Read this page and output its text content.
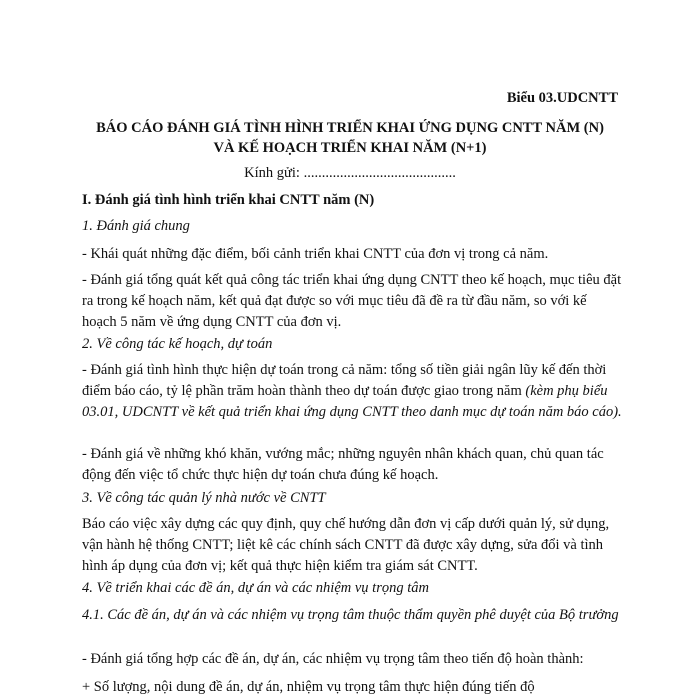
Biểu 03.UDCNTT
BÁO CÁO ĐÁNH GIÁ TÌNH HÌNH TRIỂN KHAI ỨNG DỤNG CNTT NĂM (N)
VÀ KẾ HOẠCH TRIỂN KHAI NĂM (N+1)
Kính gửi: ..........................................
I. Đánh giá tình hình triển khai CNTT năm (N)
1. Đánh giá chung
- Khái quát những đặc điểm, bối cảnh triển khai CNTT của đơn vị trong cả năm.
- Đánh giá tổng quát kết quả công tác triển khai ứng dụng CNTT theo kế hoạch, mục tiêu đặt ra trong kế hoạch năm, kết quả đạt được so với mục tiêu đã đề ra từ đầu năm, so với kế hoạch 5 năm về ứng dụng CNTT của đơn vị.
2. Về công tác kế hoạch, dự toán
- Đánh giá tình hình thực hiện dự toán trong cả năm: tổng số tiền giải ngân lũy kế đến thời điểm báo cáo, tỷ lệ phần trăm hoàn thành theo dự toán được giao trong năm (kèm phụ biểu 03.01, UDCNTT về kết quả triển khai ứng dụng CNTT theo danh mục dự toán năm báo cáo).
- Đánh giá về những khó khăn, vướng mắc; những nguyên nhân khách quan, chủ quan tác động đến việc tổ chức thực hiện dự toán chưa đúng kế hoạch.
3. Về công tác quản lý nhà nước về CNTT
Báo cáo việc xây dựng các quy định, quy chế hướng dẫn đơn vị cấp dưới quản lý, sử dụng, vận hành hệ thống CNTT; liệt kê các chính sách CNTT đã được xây dựng, sửa đổi và tình hình áp dụng của đơn vị; kết quả thực hiện kiểm tra giám sát CNTT.
4. Về triển khai các đề án, dự án và các nhiệm vụ trọng tâm
4.1. Các đề án, dự án và các nhiệm vụ trọng tâm thuộc thẩm quyền phê duyệt của Bộ trưởng
- Đánh giá tổng hợp các đề án, dự án, các nhiệm vụ trọng tâm theo tiến độ hoàn thành:
+ Số lượng, nội dung đề án, dự án, nhiệm vụ trọng tâm thực hiện đúng tiến độ
